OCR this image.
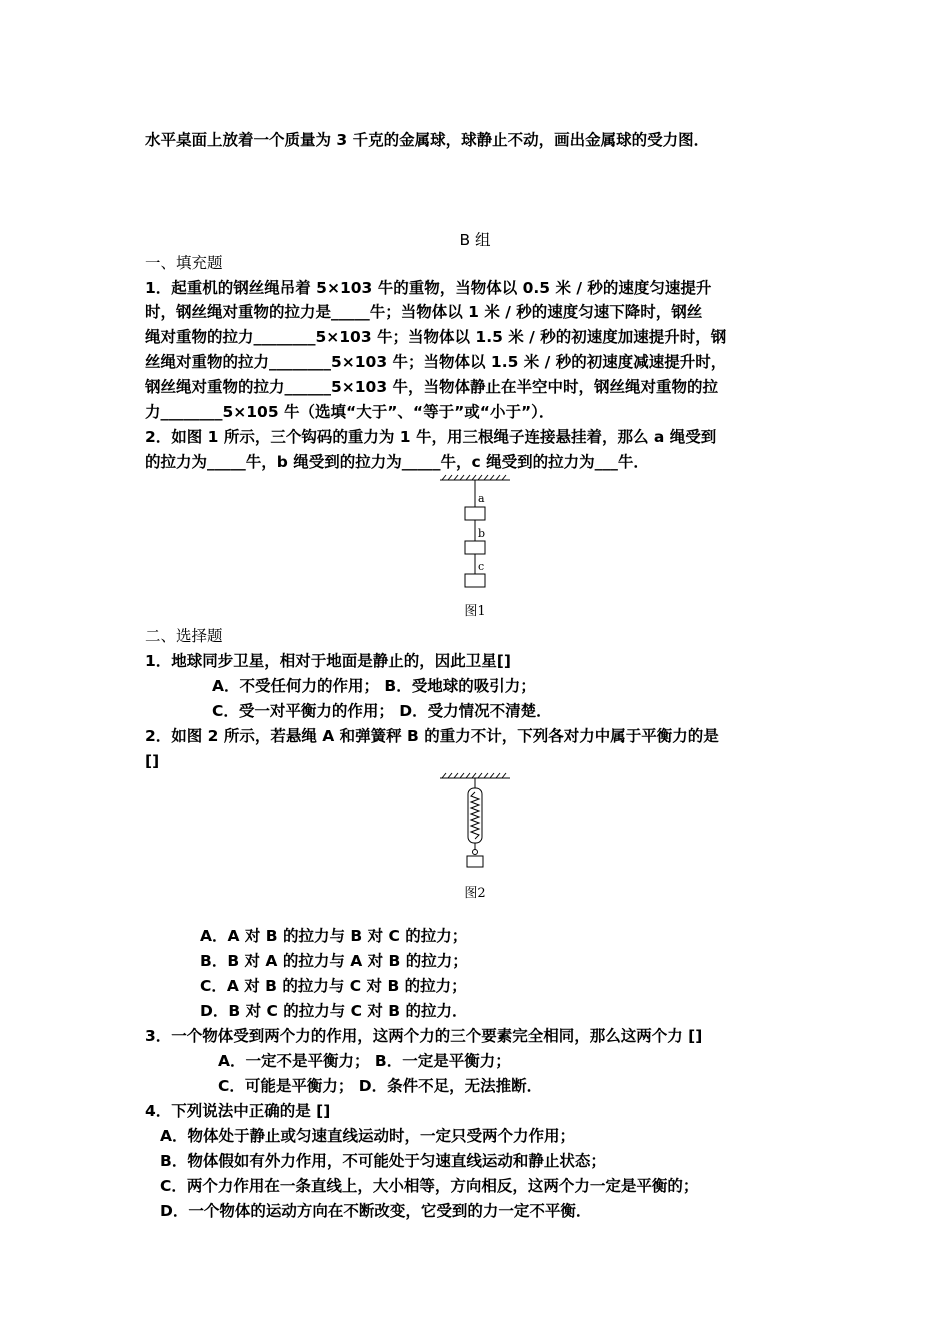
水平桌面上放着一个质量为 3 千克的金属球，球静止不动，画出金属球的受力图．
B 组
一、填充题
1．起重机的钢丝绳吊着 5×103 牛的重物，当物体以 0.5 米 / 秒的速度匀速提升
时，钢丝绳对重物的拉力是_____牛；当物体以 1 米 / 秒的速度匀速下降时，钢丝
绳对重物的拉力________5×103 牛；当物体以 1.5 米 / 秒的初速度加速提升时，钢
丝绳对重物的拉力________5×103 牛；当物体以 1.5 米 / 秒的初速度减速提升时，
钢丝绳对重物的拉力______5×103 牛，当物体静止在半空中时，钢丝绳对重物的拉
力________5×105 牛（选填“大于”、“等于”或“小于”）．
2．如图 1 所示，三个钩码的重力为 1 牛，用三根绳子连接悬挂着，那么 a 绳受到
的拉力为_____牛，b 绳受到的拉力为_____牛，c 绳受到的拉力为___牛．
a
b
c
图1
二、选择题
1．地球同步卫星，相对于地面是静止的，因此卫星[]
A．不受任何力的作用； B．受地球的吸引力；
C．受一对平衡力的作用； D．受力情况不清楚．
2．如图 2 所示，若悬绳 A 和弹簧秤 B 的重力不计，下列各对力中属于平衡力的是
[]
图2
A．A 对 B 的拉力与 B 对 C 的拉力；
B．B 对 A 的拉力与 A 对 B 的拉力；
C．A 对 B 的拉力与 C 对 B 的拉力；
D．B 对 C 的拉力与 C 对 B 的拉力．
3．一个物体受到两个力的作用，这两个力的三个要素完全相同，那么这两个力 []
A．一定不是平衡力； B．一定是平衡力；
C．可能是平衡力； D．条件不足，无法推断．
4．下列说法中正确的是 []
A．物体处于静止或匀速直线运动时，一定只受两个力作用；
B．物体假如有外力作用，不可能处于匀速直线运动和静止状态；
C．两个力作用在一条直线上，大小相等，方向相反，这两个力一定是平衡的；
D．一个物体的运动方向在不断改变，它受到的力一定不平衡．
